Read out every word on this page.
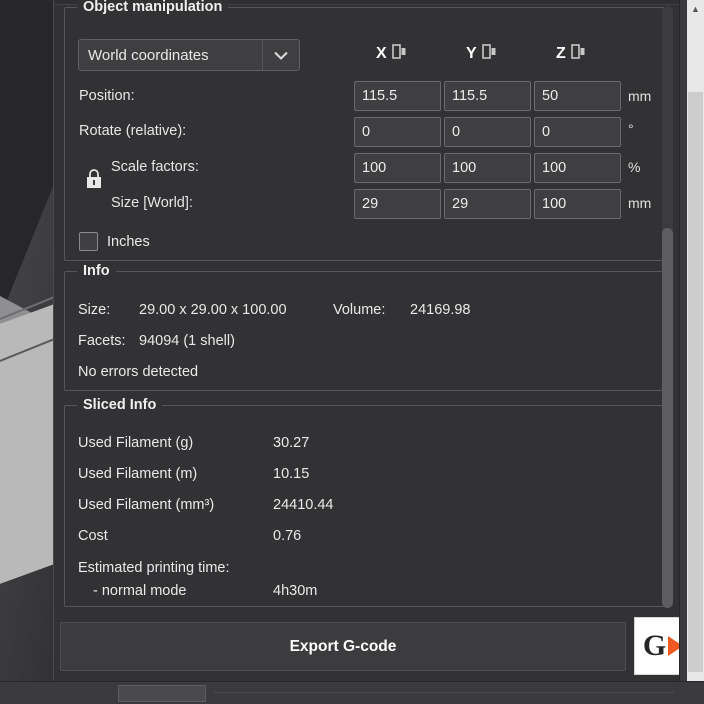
Object manipulation
World coordinates	X	Y	Z
Position:	115.5	115.5	50	mm
Rotate (relative):	0	0	0	°
Scale factors:	100	100	100	%
Size [World]:	29	29	100	mm
Inches
Info
Size: 29.00 x 29.00 x 100.00	Volume: 24169.98
Facets: 94094 (1 shell)
No errors detected
Sliced Info
Used Filament (g)	30.27
Used Filament (m)	10.15
Used Filament (mm³)	24410.44
Cost	0.76
Estimated printing time:
- normal mode	4h30m
Export G-code	G
▲
